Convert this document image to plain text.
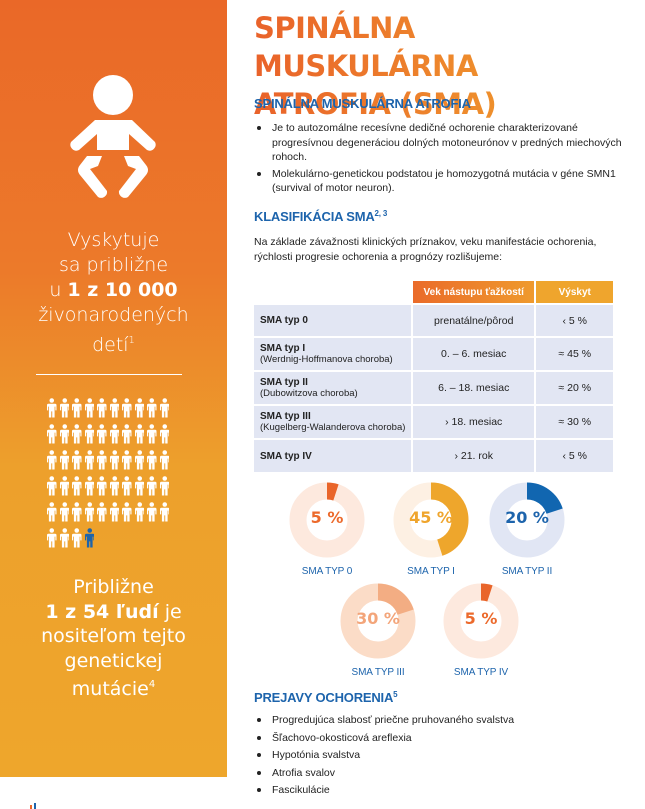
Vyskytuje
sa približne
u 1 z 10 000
živonarodených
detí$^1$
Približne
1 z 54 ľudí je
nositeľom tejto
genetickej
mutácie$^4$
SPINÁLNA MUSKULÁRNA
ATROFIA (SMA)
SPINÁLNA MUSKULÁRNA ATROFIA
Je to autozomálne recesívne dedičné ochorenie charakterizované progresívnou degeneráciou dolných motoneurónov v predných miechových rohoch.
Molekulárno-genetickou podstatou je homozygotná mutácia v géne SMN1 (survival of motor neuron).
KLASIFIKÁCIA SMA$^{2, 3}$
Na základe závažnosti klinických príznakov, veku manifestácie ochorenia, rýchlosti progresie ochorenia a prognózy rozlišujeme:
	Vek nástupu ťažkostí	Výskyt

SMA typ 0	prenatálne/pôrod	‹ 5 %

SMA typ I
(Werdnig-Hoffmanova choroba)	0. – 6. mesiac	≈ 45 %

SMA typ II
(Dubowitzova choroba)	6. – 18. mesiac	≈ 20 %

SMA typ III
(Kugelberg-Walanderova choroba)	› 18. mesiac	≈ 30 %

SMA typ IV	› 21. rok	‹ 5 %
5 %
SMA TYP 0
45 %
SMA TYP I
20 %
SMA TYP II
30 %
SMA TYP III
5 %
SMA TYP IV
PREJAVY OCHORENIA$^5$
Progredujúca slabosť priečne pruhovaného svalstva
Šľachovo-okosticová areflexia
Hypotónia svalstva
Atrofia svalov
Fascikulácie
